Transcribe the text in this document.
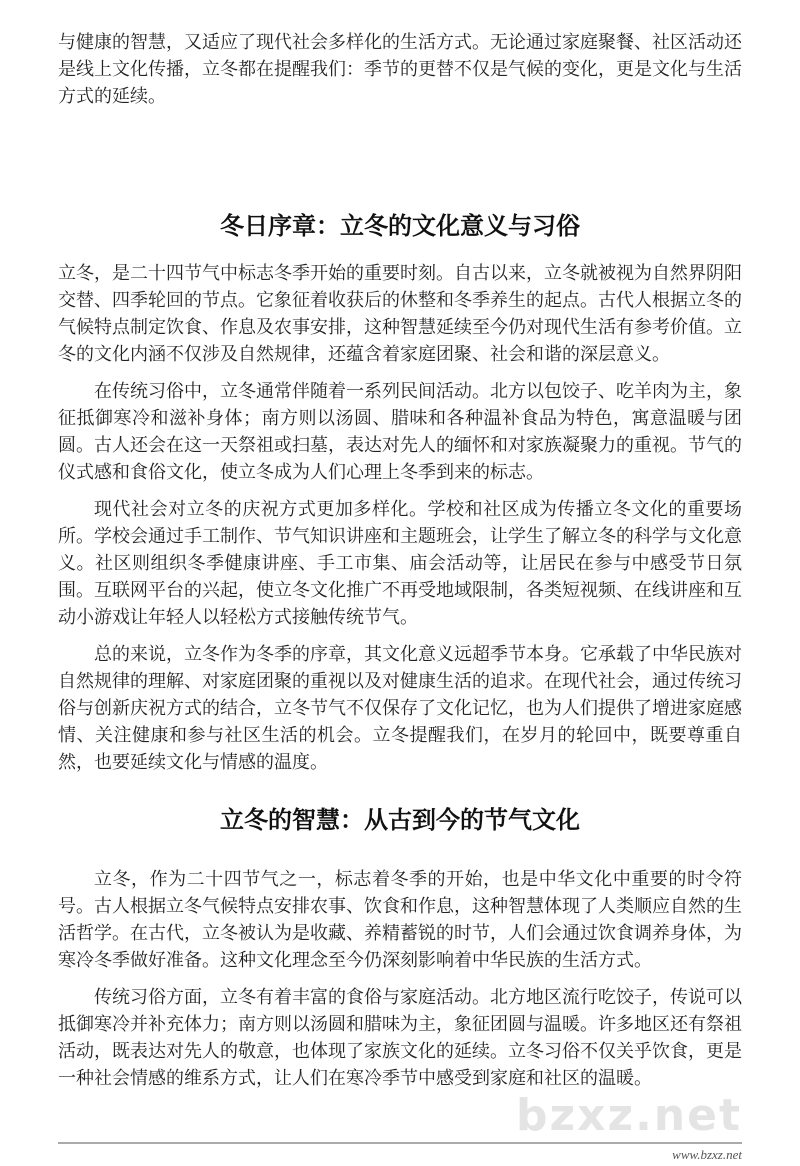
与健康的智慧，又适应了现代社会多样化的生活方式。无论通过家庭聚餐、社区活动还是线上文化传播，立冬都在提醒我们：季节的更替不仅是气候的变化，更是文化与生活方式的延续。

冬日序章：立冬的文化意义与习俗

立冬，是二十四节气中标志冬季开始的重要时刻。自古以来，立冬就被视为自然界阴阳交替、四季轮回的节点。它象征着收获后的休整和冬季养生的起点。古代人根据立冬的气候特点制定饮食、作息及农事安排，这种智慧延续至今仍对现代生活有参考价值。立冬的文化内涵不仅涉及自然规律，还蕴含着家庭团聚、社会和谐的深层意义。

在传统习俗中，立冬通常伴随着一系列民间活动。北方以包饺子、吃羊肉为主，象征抵御寒冷和滋补身体；南方则以汤圆、腊味和各种温补食品为特色，寓意温暖与团圆。古人还会在这一天祭祖或扫墓，表达对先人的缅怀和对家族凝聚力的重视。节气的仪式感和食俗文化，使立冬成为人们心理上冬季到来的标志。

现代社会对立冬的庆祝方式更加多样化。学校和社区成为传播立冬文化的重要场所。学校会通过手工制作、节气知识讲座和主题班会，让学生了解立冬的科学与文化意义。社区则组织冬季健康讲座、手工市集、庙会活动等，让居民在参与中感受节日氛围。互联网平台的兴起，使立冬文化推广不再受地域限制，各类短视频、在线讲座和互动小游戏让年轻人以轻松方式接触传统节气。

总的来说，立冬作为冬季的序章，其文化意义远超季节本身。它承载了中华民族对自然规律的理解、对家庭团聚的重视以及对健康生活的追求。在现代社会，通过传统习俗与创新庆祝方式的结合，立冬节气不仅保存了文化记忆，也为人们提供了增进家庭感情、关注健康和参与社区生活的机会。立冬提醒我们，在岁月的轮回中，既要尊重自然，也要延续文化与情感的温度。

立冬的智慧：从古到今的节气文化

立冬，作为二十四节气之一，标志着冬季的开始，也是中华文化中重要的时令符号。古人根据立冬气候特点安排农事、饮食和作息，这种智慧体现了人类顺应自然的生活哲学。在古代，立冬被认为是收藏、养精蓄锐的时节，人们会通过饮食调养身体，为寒冷冬季做好准备。这种文化理念至今仍深刻影响着中华民族的生活方式。

传统习俗方面，立冬有着丰富的食俗与家庭活动。北方地区流行吃饺子，传说可以抵御寒冷并补充体力；南方则以汤圆和腊味为主，象征团圆与温暖。许多地区还有祭祖活动，既表达对先人的敬意，也体现了家族文化的延续。立冬习俗不仅关乎饮食，更是一种社会情感的维系方式，让人们在寒冷季节中感受到家庭和社区的温暖。

bzxz.net
www.bzxz.net
